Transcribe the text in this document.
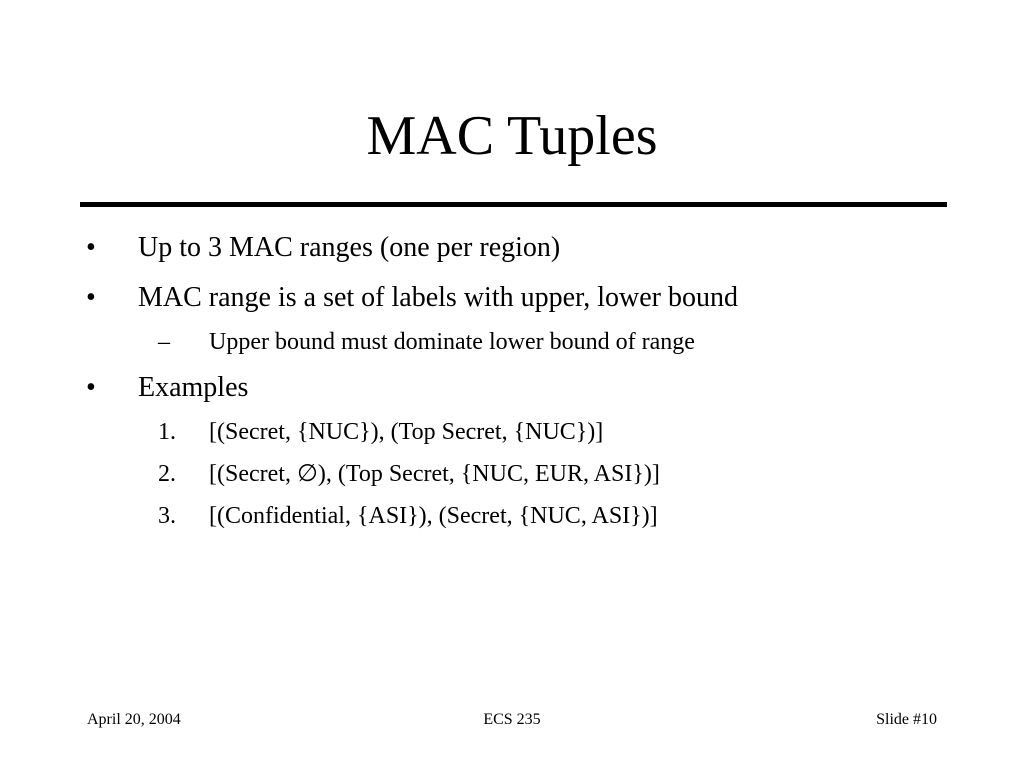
MAC Tuples
• Up to 3 MAC ranges (one per region)
• MAC range is a set of labels with upper, lower bound
– Upper bound must dominate lower bound of range
• Examples
1. [(Secret, {NUC}), (Top Secret, {NUC})]
2. [(Secret, ∅), (Top Secret, {NUC, EUR, ASI})]
3. [(Confidential, {ASI}), (Secret, {NUC, ASI})]
April 20, 2004	ECS 235	Slide #10
